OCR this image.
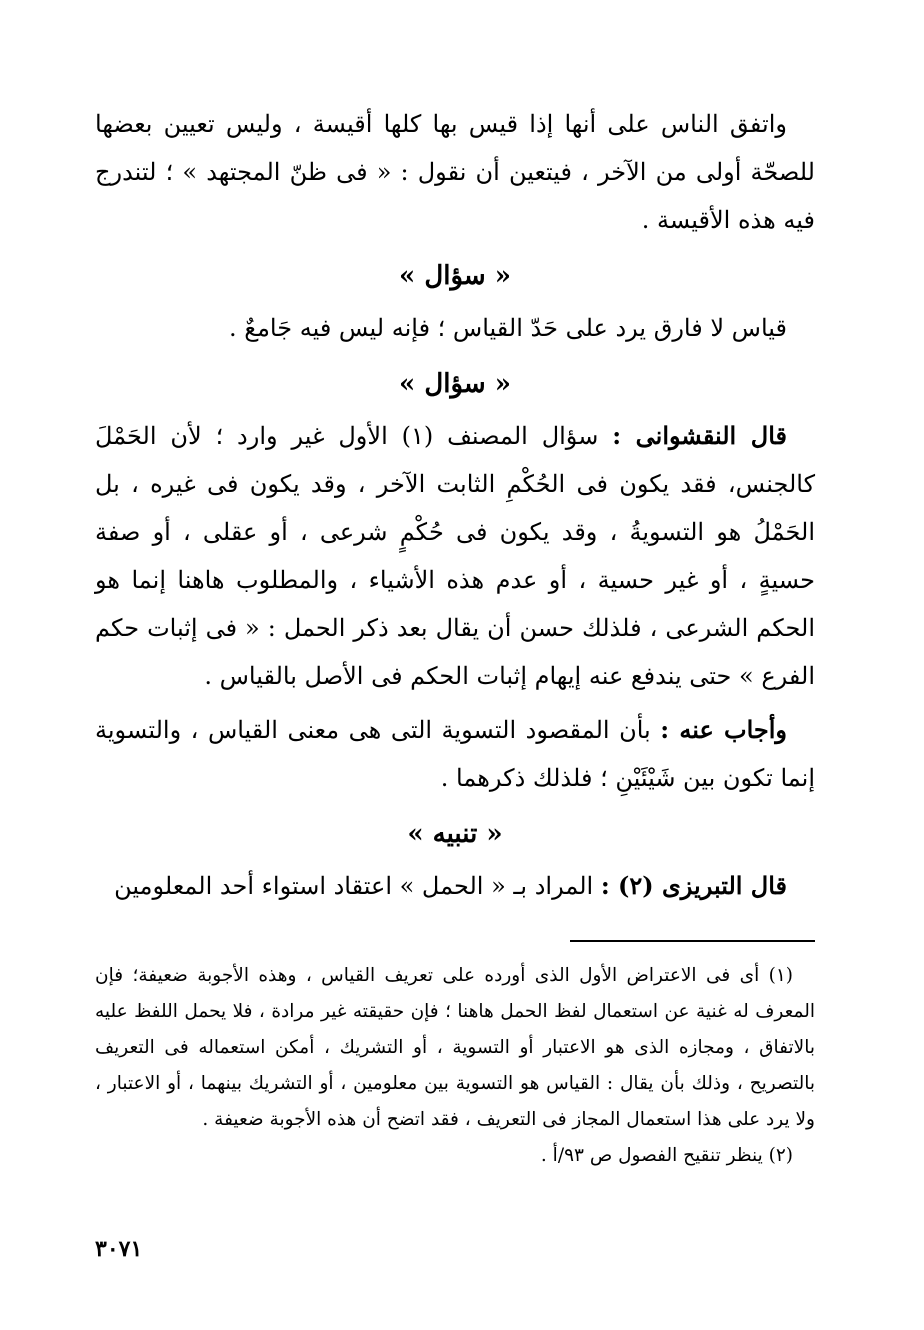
واتفق الناس على أنها إذا قيس بها كلها أقيسة ، وليس تعيين بعضها للصحّة أولى من الآخر ، فيتعين أن نقول : « فى ظنّ المجتهد » ؛ لتندرج فيه هذه الأقيسة .

« سؤال »

قياس لا فارق يرد على حَدّ القياس ؛ فإنه ليس فيه جَامعٌ .

« سؤال »

قال النقشوانى : سؤال المصنف (١) الأول غير وارد ؛ لأن الحَمْلَ كالجنس، فقد يكون فى الحُكْمِ الثابت الآخر ، وقد يكون فى غيره ، بل الحَمْلُ هو التسويةُ ، وقد يكون فى حُكْمٍ شرعى ، أو عقلى ، أو صفة حسيةٍ ، أو غير حسية ، أو عدم هذه الأشياء ، والمطلوب هاهنا إنما هو الحكم الشرعى ، فلذلك حسن أن يقال بعد ذكر الحمل : « فى إثبات حكم الفرع » حتى يندفع عنه إيهام إثبات الحكم فى الأصل بالقياس .

وأجاب عنه : بأن المقصود التسوية التى هى معنى القياس ، والتسوية إنما تكون بين شَيْئَيْنِ ؛ فلذلك ذكرهما .

« تنبيه »

قال التبريزى (٢) : المراد بـ « الحمل » اعتقاد استواء أحد المعلومين

(١) أى فى الاعتراض الأول الذى أورده على تعريف القياس ، وهذه الأجوبة ضعيفة؛ فإن المعرف له غنية عن استعمال لفظ الحمل هاهنا ؛ فإن حقيقته غير مرادة ، فلا يحمل اللفظ عليه بالاتفاق ، ومجازه الذى هو الاعتبار أو التسوية ، أو التشريك ، أمكن استعماله فى التعريف بالتصريح ، وذلك بأن يقال : القياس هو التسوية بين معلومين ، أو التشريك بينهما ، أو الاعتبار ، ولا يرد على هذا استعمال المجاز فى التعريف ، فقد اتضح أن هذه الأجوبة ضعيفة .

(٢) ينظر تنقيح الفصول ص ٩٣/أ .

٣٠٧١
